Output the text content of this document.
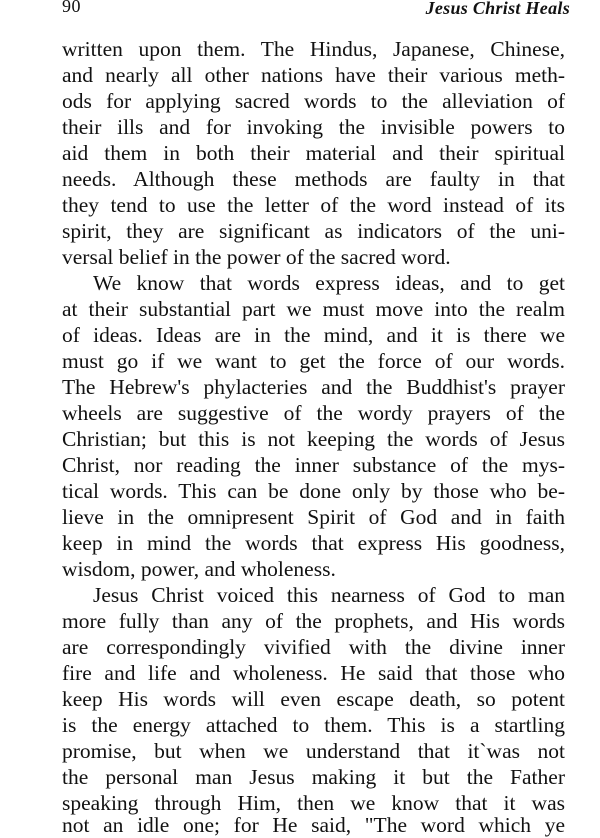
90	Jesus Christ Heals
written upon them. The Hindus, Japanese, Chinese,
and nearly all other nations have their various meth-
ods for applying sacred words to the alleviation of
their ills and for invoking the invisible powers to
aid them in both their material and their spiritual
needs. Although these methods are faulty in that
they tend to use the letter of the word instead of its
spirit, they are significant as indicators of the uni-
versal belief in the power of the sacred word.
We know that words express ideas, and to get
at their substantial part we must move into the realm
of ideas. Ideas are in the mind, and it is there we
must go if we want to get the force of our words.
The Hebrew's phylacteries and the Buddhist's prayer
wheels are suggestive of the wordy prayers of the
Christian; but this is not keeping the words of Jesus
Christ, nor reading the inner substance of the mys-
tical words. This can be done only by those who be-
lieve in the omnipresent Spirit of God and in faith
keep in mind the words that express His goodness,
wisdom, power, and wholeness.
Jesus Christ voiced this nearness of God to man
more fully than any of the prophets, and His words
are correspondingly vivified with the divine inner
fire and life and wholeness. He said that those who
keep His words will even escape death, so potent
is the energy attached to them. This is a startling
promise, but when we understand that it`was not
the personal man Jesus making it but the Father
speaking through Him, then we know that it was
not an idle one; for He said, "The word which ye
